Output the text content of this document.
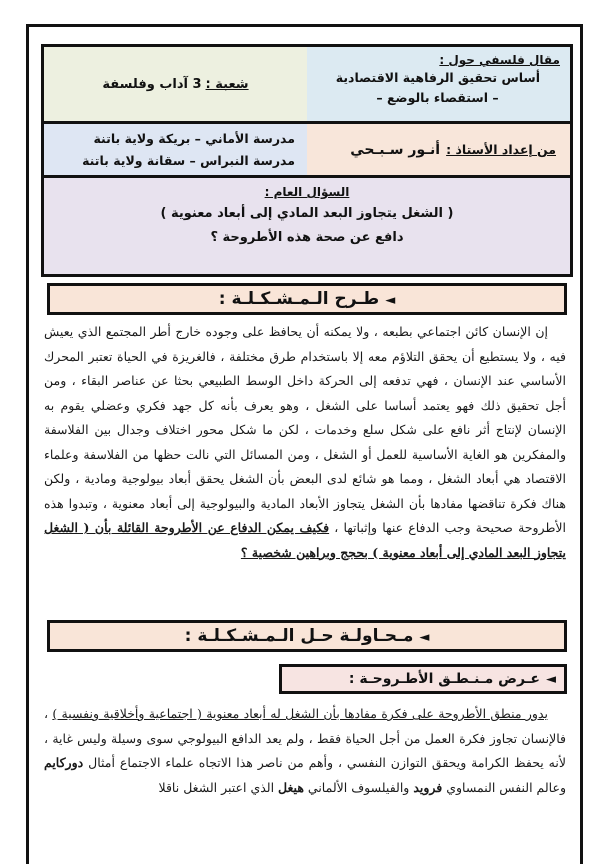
مقال فلسفي حول :
أساس تحقيق الرفاهية الاقتصادية
– استقصاء بالوضع –
شعبة :
3 آداب وفلسفة
من إعداد الأستاذ :
أنـور سـبـحي
مدرسة الأماني – بريكة ولاية باتنة
مدرسة النبراس – سقانة ولاية باتنة
السؤال العام :
( الشغل يتجاوز البعد المادي إلى أبعاد معنوية )
دافع عن صحة هذه الأطروحة ؟
◄طـرح الـمـشـكـلـة :
إن الإنسان كائن اجتماعي بطبعه ، ولا يمكنه أن يحافظ على وجوده خارج أطر المجتمع الذي يعيش فيه ، ولا يستطيع أن يحقق التلاؤم معه إلا باستخدام طرق مختلفة ، فالغريزة في الحياة تعتبر المحرك الأساسي عند الإنسان ، فهي تدفعه إلى الحركة داخل الوسط الطبيعي بحثا عن عناصر البقاء ، ومن أجل تحقيق ذلك فهو يعتمد أساسا على الشغل ، وهو يعرف بأنه كل جهد فكري وعضلي يقوم به الإنسان لإنتاج أثر نافع على شكل سلع وخدمات ، لكن ما شكل محور اختلاف وجدال بين الفلاسفة والمفكرين هو الغاية الأساسية للعمل أو الشغل ، ومن المسائل التي نالت حظها من الفلاسفة وعلماء الاقتصاد هي أبعاد الشغل ، ومما هو شائع لدى البعض بأن الشغل يحقق أبعاد بيولوجية ومادية ، ولكن هناك فكرة تناقضها مفادها بأن الشغل يتجاوز الأبعاد المادية والبيولوجية إلى أبعاد معنوية ، وتبدوا هذه الأطروحة صحيحة وجب الدفاع عنها وإثباتها ، فكيف يمكن الدفاع عن الأطروحة القائلة بأن ( الشغل يتجاوز البعد المادي إلى أبعاد معنوية ) بحجج وبراهين شخصية ؟
◄مـحـاولـة حـل الـمـشـكـلـة :
◄عـرض مـنـطـق الأطـروحـة :
يدور منطق الأطروحة على فكرة مفادها بأن الشغل له أبعاد معنوية ( اجتماعية وأخلاقية ونفسية ) ، فالإنسان تجاوز فكرة العمل من أجل الحياة فقط ، ولم يعد الدافع البيولوجي سوى وسيلة وليس غاية ، لأنه يحفظ الكرامة ويحقق التوازن النفسي ، وأهم من ناصر هذا الاتجاه علماء الاجتماع أمثال دوركايم وعالم النفس النمساوي فرويد والفيلسوف الألماني هيغل الذي اعتبر الشغل ناقلا
